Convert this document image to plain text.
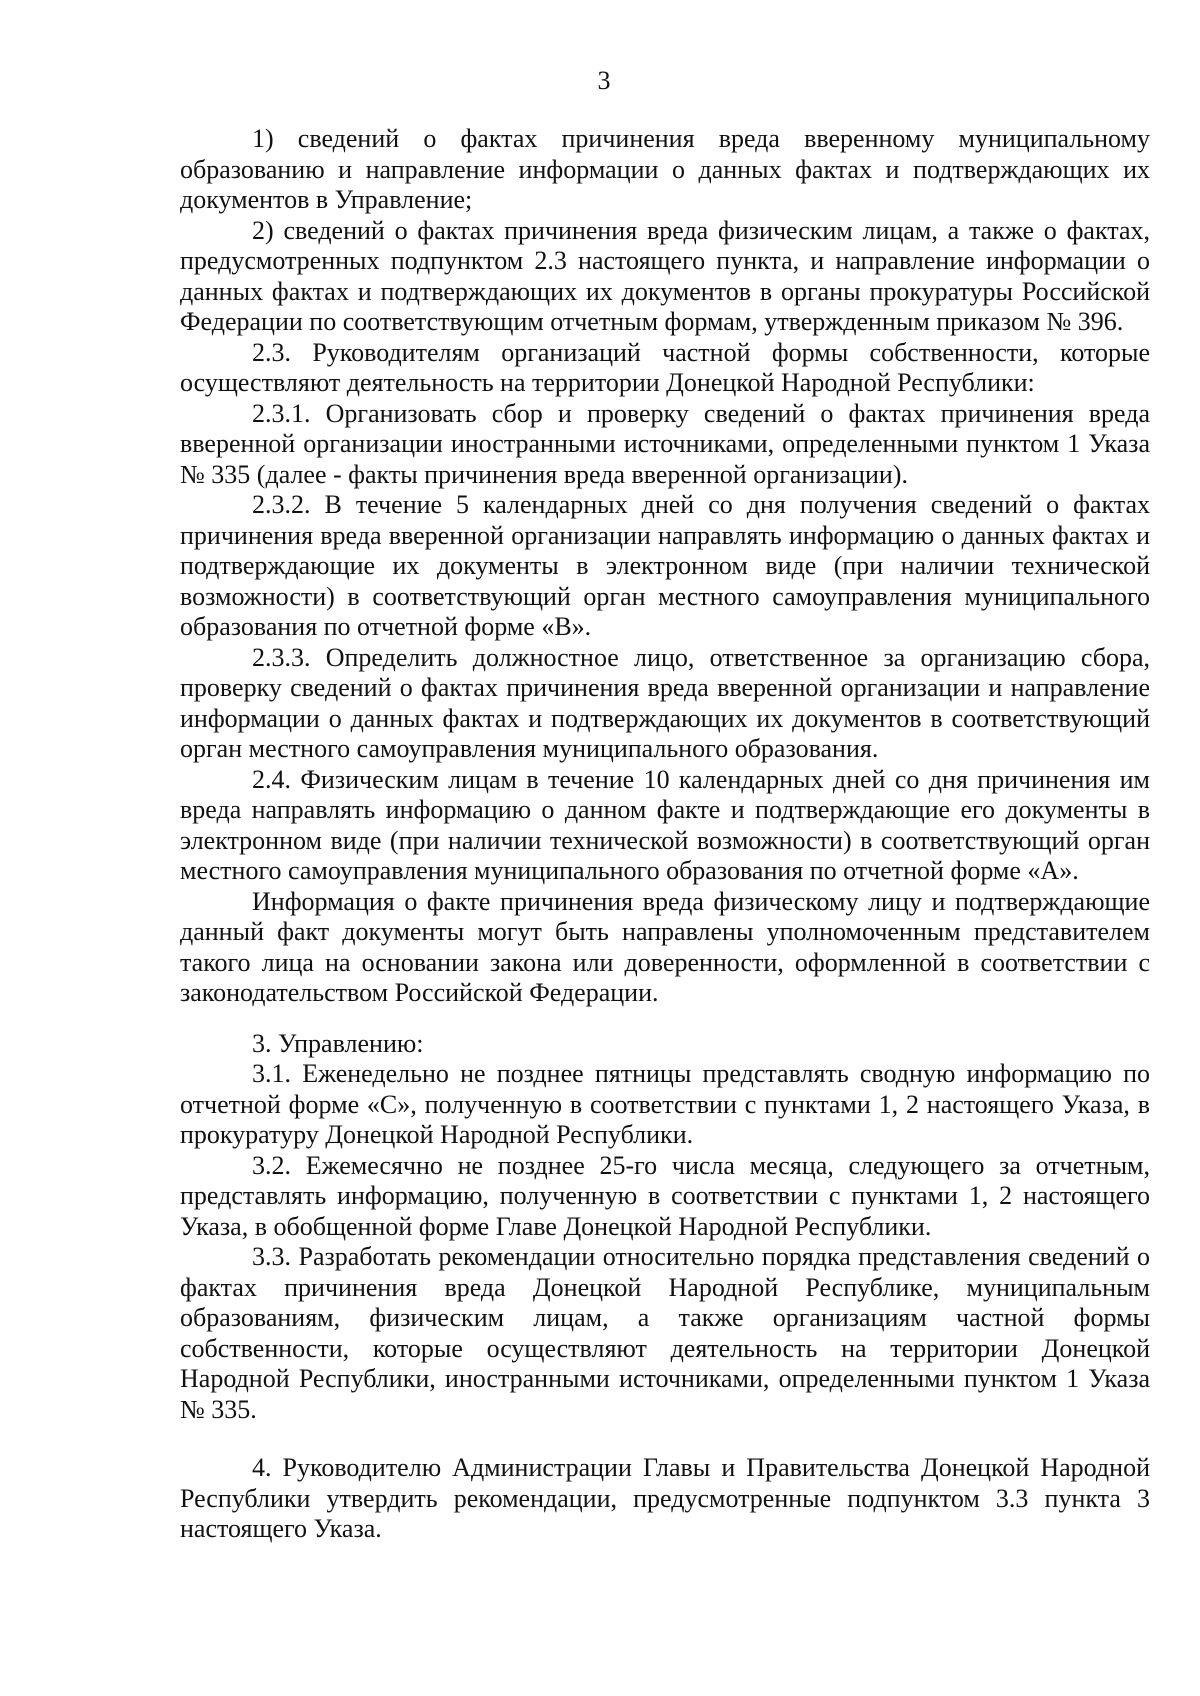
3

1) сведений о фактах причинения вреда вверенному муниципальному образованию и направление информации о данных фактах и подтверждающих их документов в Управление;

2) сведений о фактах причинения вреда физическим лицам, а также о фактах, предусмотренных подпунктом 2.3 настоящего пункта, и направление информации о данных фактах и подтверждающих их документов в органы прокуратуры Российской Федерации по соответствующим отчетным формам, утвержденным приказом № 396.

2.3. Руководителям организаций частной формы собственности, которые осуществляют деятельность на территории Донецкой Народной Республики:

2.3.1. Организовать сбор и проверку сведений о фактах причинения вреда вверенной организации иностранными источниками, определенными пунктом 1 Указа № 335 (далее - факты причинения вреда вверенной организации).

2.3.2. В течение 5 календарных дней со дня получения сведений о фактах причинения вреда вверенной организации направлять информацию о данных фактах и подтверждающие их документы в электронном виде (при наличии технической возможности) в соответствующий орган местного самоуправления муниципального образования по отчетной форме «В».

2.3.3. Определить должностное лицо, ответственное за организацию сбора, проверку сведений о фактах причинения вреда вверенной организации и направление информации о данных фактах и подтверждающих их документов в соответствующий орган местного самоуправления муниципального образования.

2.4. Физическим лицам в течение 10 календарных дней со дня причинения им вреда направлять информацию о данном факте и подтверждающие его документы в электронном виде (при наличии технической возможности) в соответствующий орган местного самоуправления муниципального образования по отчетной форме «А».

Информация о факте причинения вреда физическому лицу и подтверждающие данный факт документы могут быть направлены уполномоченным представителем такого лица на основании закона или доверенности, оформленной в соответствии с законодательством Российской Федерации.

3. Управлению:

3.1. Еженедельно не позднее пятницы представлять сводную информацию по отчетной форме «С», полученную в соответствии с пунктами 1, 2 настоящего Указа, в прокуратуру Донецкой Народной Республики.

3.2. Ежемесячно не позднее 25-го числа месяца, следующего за отчетным, представлять информацию, полученную в соответствии с пунктами 1, 2 настоящего Указа, в обобщенной форме Главе Донецкой Народной Республики.

3.3. Разработать рекомендации относительно порядка представления сведений о фактах причинения вреда Донецкой Народной Республике, муниципальным образованиям, физическим лицам, а также организациям частной формы собственности, которые осуществляют деятельность на территории Донецкой Народной Республики, иностранными источниками, определенными пунктом 1 Указа № 335.

4. Руководителю Администрации Главы и Правительства Донецкой Народной Республики утвердить рекомендации, предусмотренные подпунктом 3.3 пункта 3 настоящего Указа.
